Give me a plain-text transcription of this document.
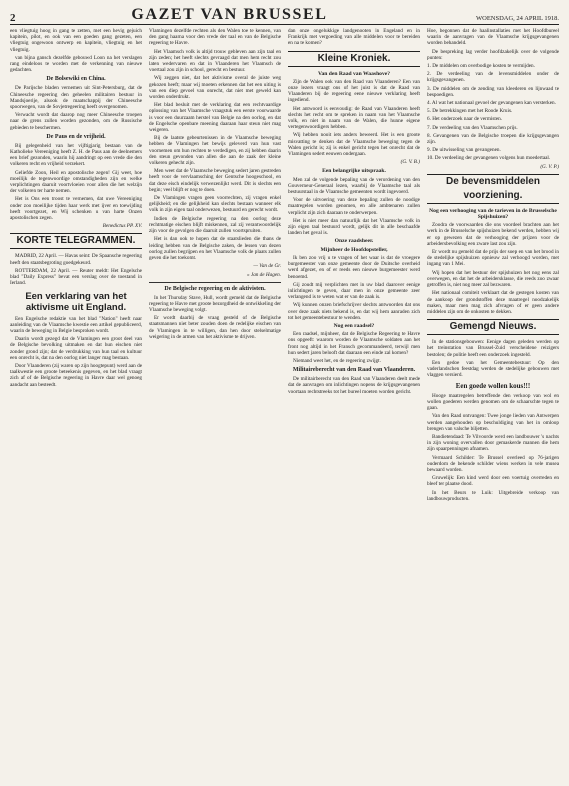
2	GAZET VAN BRUSSEL	WOENSDAG, 24 APRIL 1918.

een vliegtuig hoog in gang te zetten, met een hevig gejuich kapitein, pilot, en ook van een goeden gang gezeten, een vliegtuig ongewoon ontwerp en kapitein, vliegtuig en het vliegtuig.

van bijna gansch dezelfde gebouwd Loon na het verslagen rang eindeloos te worden met de verkenning van nieuwe gedachten.

De Bolsewiki en China.

De Parijsche bladen vernemen uit Sint-Petersburg, dat de Chineesche regeering den geheelen militairen bestuur in Mandsjoerije, alsook de maatschappij der Chineesche spoorwegen, van de Sovjetregeering heeft overgenomen.

Verwacht wordt dat daarop nog meer Chineesche troepen naar de grens zullen worden gezonden, om de Russische gebieden te beschermen.

De Paus en de vrijheid.

Bij gelegenheid van het vijftigjarig bestaan van de Katholieke Vereeniging heeft Z. H. de Paus aan de deelnemers een brief gezonden, waarin hij aandringt op een vrede die den volkeren recht en vrijheid verzekert.

Geliefde Zoon, Heil en apostolische zegen! Gij weet, hoe moeilijk de tegenwoordige omstandigheden zijn en welke verplichtingen daaruit voortvloeien voor allen die het welzijn der volkeren ter harte nemen.

Het is Ons een troost te vernemen, dat uwe Vereeniging onder zoo moeilijke tijden haar werk met ijver en toewijding heeft voortgezet, en Wij schenken u van harte Onzen apostolischen zegen.

Benedictus PP. XV.
KORTE TELEGRAMMEN.

MADRID, 22 April. — Havas seint: De Spaansche regeering heeft den staatsbegroting goedgekeurd.

ROTTERDAM, 22 April. — Reuter meldt: Het Engelsche blad "Daily Express" bevat een verslag over de toestand in Ierland.

Een verklaring van het aktivisme uit England.

Een Engelsche redaktie van het blad "Nation" heeft naar aanleiding van de Vlaamsche kwestie een artikel gepubliceerd, waarin de beweging in Belgie besproken wordt.

Daarin wordt gezegd dat de Vlamingen een groot deel van de Belgische bevolking uitmaken en dat hun eischen niet zonder grond zijn; dat de verdrukking van hun taal en kultuur een onrecht is, dat na den oorlog niet langer mag bestaan.

Door Vlaanderen (zij waren op zijn hoogtepunt) werd aan de taalkwestie een groote beteekenis gegeven, en het blad vraagt zich af of de Belgische regeering in Havre daar wel genoeg aandacht aan besteedt.

Vlamingen dezelfde rechten als den Walen toe te kennen, van den gang haarna voor den vrede der taal en van de Belgische regeering te Havre.

Het Vlaamsch volk is altijd trouw gebleven aan zijn taal en zijn zeden; het heeft slechts gevraagd dat men hem recht zou laten wedervaren en dat in Vlaanderen het Vlaamsch de voertaal zou zijn in school, gerecht en bestuur.

Wij zeggen niet, dat het aktivisme overal de juiste weg gekozen heeft; maar wij moeten erkennen dat het een uiting is van een diep gevoel van onrecht, dat niet met geweld kan worden onderdrukt.

Het blad besluit met de verklaring dat een rechtvaardige oplossing van het Vlaamsche vraagstuk een eerste voorwaarde is voor een duurzaam herstel van Belgie na den oorlog, en dat de Engelsche openbare meening daaraan haar steun niet mag weigeren.

Bij de laatste gebeurtenissen in de Vlaamsche beweging hebben de Vlamingen het bewijs geleverd van hun vast voornemen om hun rechten te verdedigen, en zij hebben daarin den steun gevonden van allen die aan de zaak der kleine volkeren gehecht zijn.

Men weet dat de Vlaamsche beweging sedert jaren gestreden heeft voor de vervlaamsching der Gentsche hoogeschool, en dat deze eisch eindelijk verwezenlijkt werd. Dit is slechts een begin; veel blijft er nog te doen.

De Vlamingen vragen geen voorrechten, zij vragen enkel gelijkheid; en die gelijkheid kan slechts bestaan wanneer elk volk in zijn eigen taal onderwezen, bestuurd en gerecht wordt.

Indien de Belgische regeering na den oorlog deze rechtmatige eischen blijft miskennen, zal zij verantwoordelijk zijn voor de gevolgen die daaruit zullen voortspruiten.

Het is dan ook te hopen dat de staatslieden die thans de leiding hebben van de Belgische zaken, de lessen van dezen oorlog zullen begrijpen en het Vlaamsche volk de plaats zullen geven die het toekomt.

— Van de Gr.
» Jan de Hagen.
De Belgische regeering en de aktivisten.

In het Thursday Stave, Hull, wordt gemeld dat de Belgische regeering te Havre met groote bezorgdheid de ontwikkeling der Vlaamsche beweging volgt.

Er wordt daarbij de vraag gesteld of de Belgische staatsmannen niet beter zouden doen de redelijke eischen van de Vlamingen in te willigen, dan hen door stelselmatige weigering in de armen van het aktivisme te drijven.

dan onze ongelukkige landgenooten in Engeland en in Frankrijk met vergoeding van alle middelen voor te bereiden en na te komen?

Kleine Kroniek.
Van den Raad van Waashove?

Zijn de Walen ook van den Raad van Vlaanderen? Een van onze lezers vraagt ons of het juist is dat de Raad van Vlaanderen bij de regeering eene nieuwe verklaring heeft ingediend.

Het antwoord is eenvoudig: de Raad van Vlaanderen heeft slechts het recht om te spreken in naam van het Vlaamsche volk, en niet in naam van de Walen, die hunne eigene vertegenwoordigers hebben.

Wij hebben nooit iets anders beweerd. Het is een groote misvatting te denken dat de Vlaamsche beweging tegen de Walen gericht is; zij is enkel gericht tegen het onrecht dat de Vlamingen sedert eeuwen ondergaan.

(G. V. B.)
Een belangrijke uitspraak.

Men zal de volgende bepaling van de verordening van den Gouverneur-Generaal lezen, waarbij de Vlaamsche taal als bestuurstaal in de Vlaamsche gemeenten wordt ingevoerd.

Voor de uitvoering van deze bepaling zullen de noodige maatregelen worden genomen, en alle ambtenaren zullen verplicht zijn zich daaraan te onderwerpen.

Het is niet meer dan natuurlijk dat het Vlaamsche volk in zijn eigen taal bestuurd wordt, gelijk dit in alle beschaafde landen het geval is.

Onze raadsheer.
Mijnheer de Hoofdopsteller,

Ik ben zoo vrij u te vragen of het waar is dat de vroegere burgemeester van onze gemeente door de Duitsche overheid werd afgezet, en of er reeds een nieuwe burgemeester werd benoemd.

Gij zoudt mij verplichten met in uw blad daarover eenige inlichtingen te geven, daar men in onze gemeente zeer verlangend is te weten wat er van de zaak is.

Wij kunnen onzen briefschrijver slechts antwoorden dat ons over deze zaak niets bekend is, en dat wij hem aanraden zich tot het gemeentebestuur te wenden.

Nog een raadsel?

Een raadsel, mijnheer, dat de Belgische Regeering te Havre ons opgeeft: waarom worden de Vlaamsche soldaten aan het front nog altijd in het Fransch gecommandeerd, terwijl men hun sedert jaren belooft dat daaraan een einde zal komen?

Niemand weet het, en de regeering zwijgt.

Militaireberecht van den Raad van Vlaanderen.

De militairberecht van den Raad van Vlaanderen deelt mede dat de aanvragen om inlichtingen nopens de krijgsgevangenen voortaan rechtstreeks tot het bureel moeten worden gericht.

Hoe, begonnen dat de haalinstallaties met het Hoofdbureel waarin de aanvragen van de Vlaamsche krijgsgevangenen worden behandeld.

De bespreking lag verder hoofdzakelijk over de volgende punten:

1. De middelen om overbodige kosten te vermijden.

2. De verdeeling van de levensmiddelen onder de krijgsgevangenen.

3. De middelen om de zending van kleederen en lijnwaad te bespoedigen.

4. Al wat het nationaal gevoel der gevangenen kan versterken.

5. De betrekkingen met het Roode Kruis.

6. Het onderzoek naar de vermisten.

7. De verdeeling van den Vlaamschen prijs.

8. Gevangenen van de Belgische troepen die krijgsgevangen zijn.

9. De uitwisseling van gevangenen.

10. De verdeeling der gevangenen volgens hun moedertaal.

(G. V. P.)
De bevensmiddelen voorziening.
Nog een verhooging van de tarieven in de Brusselsche Spijshuizen?

Zoodra de voorwaarden die ons voordeel brachten aan het werk in de Brusselsche spijshuizen bekend werden, hebben wij er op gewezen dat de verhooging der prijzen voor de arbeidersbevolking een zware last zou zijn.

Er wordt nu gemeld dat de prijs der soep en van het brood in de stedelijke spijshuizen opnieuw zal verhoogd worden, met ingang van 1 Mei.

Wij hopen dat het bestuur der spijshuizen het nog eens zal overwegen, en dat het de arbeidersklasse, die reeds zoo zwaar getroffen is, niet nog meer zal bezwaren.

Het nationaal comiteit verklaart dat de gestegen kosten van de aankoop der grondstoffen deze maatregel noodzakelijk maken, maar men mag zich afvragen of er geen andere middelen zijn om de onkosten te dekken.

Gemengd Nieuws.

In de stationsgebouwen: Eenige dagen geleden werden op het treinstation van Brussel-Zuid verscheidene reizigers bestolen; de politie heeft een onderzoek ingesteld.

Een gedoe van het Gemeentebestuur: Op den vaderlandschen feestdag werden de stedelijke gebouwen met vlaggen versierd.

Een goede wollen kous!!!

Hooge maatregelen betreffende den verkoop van wol en wollen goederen werden genomen om de schaarschte tegen te gaan.

Van den Raad ontvangen: Twee jonge lieden van Antwerpen werden aangehouden op beschuldiging van het in omloop brengen van valsche biljetten.

Bandietendaad: Te Vilvoorde werd een landbouwer 's nachts in zijn woning overvallen door gemaskerde mannen die hem zijn spaarpenningen afnamen.

Vermaard Schilder: Te Brussel overleed op 76-jarigen ouderdom de bekende schilder wiens werken in vele musea bewaard worden.

Gruwelijk: Een kind werd door een voertuig overreden en bleef ter plaatse dood.

In het Beurs te Luik: Uitgebreide verkoop van landbouwproducten.
